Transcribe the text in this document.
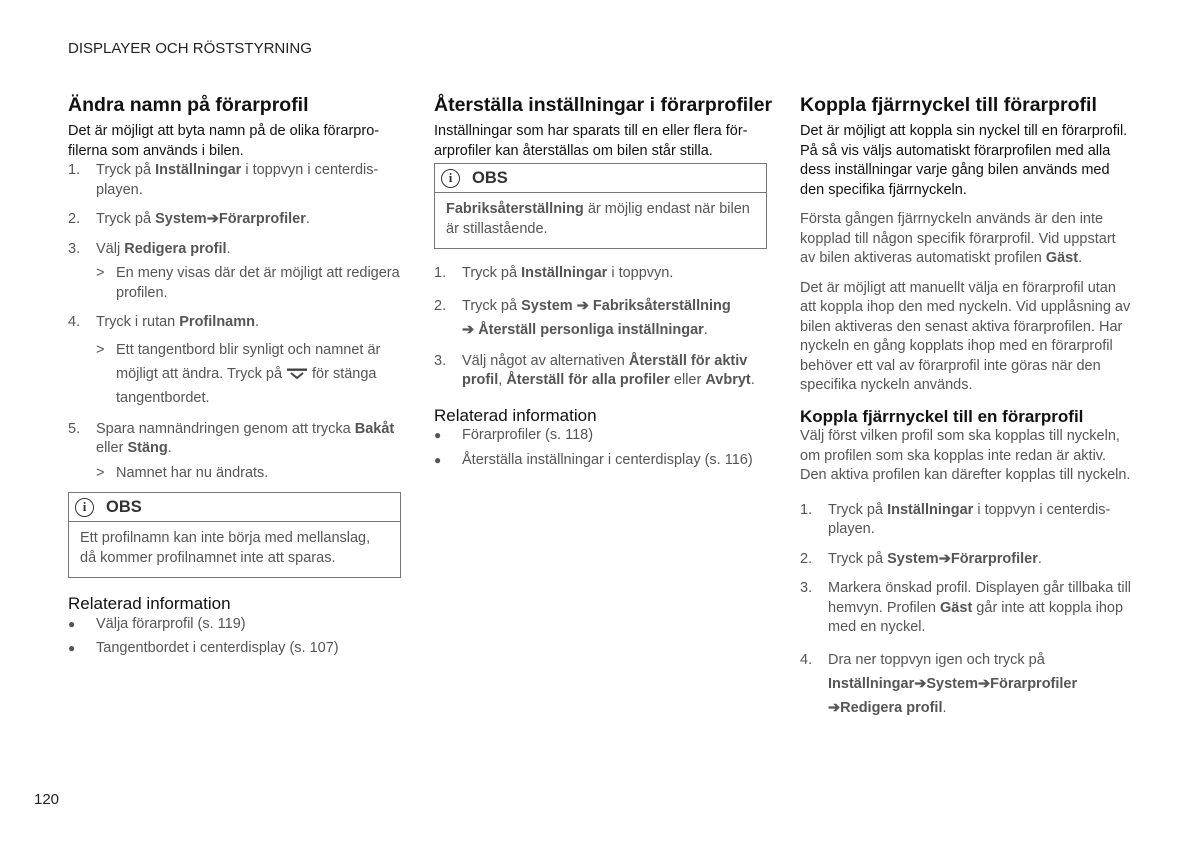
DISPLAYER OCH RÖSTSTYRNING
Ändra namn på förarprofil

Det är möjligt att byta namn på de olika förarprofilerna som används i bilen.

1.	Tryck på Inställningar i toppvyn i centerdisplayen.
2.	Tryck på System➔Förarprofiler.
3.	Välj Redigera profil.
> En meny visas där det är möjligt att redigera profilen.
4.	Tryck i rutan Profilnamn.
> Ett tangentbord blir synligt och namnet är möjligt att ändra. Tryck på för stänga tangentbordet.
5.	Spara namnändringen genom att trycka Bakåt eller Stäng.
> Namnet har nu ändrats.
i	OBS
Ett profilnamn kan inte börja med mellanslag, då kommer profilnamnet inte att sparas.
Relaterad information
●	Välja förarprofil (s. 119)
●	Tangentbordet i centerdisplay (s. 107)
Återställa inställningar i förarprofiler

Inställningar som har sparats till en eller flera förarprofiler kan återställas om bilen står stilla.

i	OBS
Fabriksåterställning är möjlig endast när bilen är stillastående.
1.	Tryck på Inställningar i toppvyn.
2.	Tryck på System ➔ Fabriksåterställning
➔ Återställ personliga inställningar.
3.	Välj något av alternativen Återställ för aktiv profil, Återställ för alla profiler eller Avbryt.
Relaterad information
●	Förarprofiler (s. 118)
●	Återställa inställningar i centerdisplay (s. 116)
Koppla fjärrnyckel till förarprofil

Det är möjligt att koppla sin nyckel till en förarprofil. På så vis väljs automatiskt förarprofilen med alla dess inställningar varje gång bilen används med den specifika fjärrnyckeln.

Första gången fjärrnyckeln används är den inte kopplad till någon specifik förarprofil. Vid uppstart av bilen aktiveras automatiskt profilen Gäst.

Det är möjligt att manuellt välja en förarprofil utan att koppla ihop den med nyckeln. Vid upplåsning av bilen aktiveras den senast aktiva förarprofilen. Har nyckeln en gång kopplats ihop med en förarprofil behöver ett val av förarprofil inte göras när den specifika nyckeln används.

Koppla fjärrnyckel till en förarprofil

Välj först vilken profil som ska kopplas till nyckeln, om profilen som ska kopplas inte redan är aktiv. Den aktiva profilen kan därefter kopplas till nyckeln.

1.	Tryck på Inställningar i toppvyn i centerdisplayen.
2.	Tryck på System➔Förarprofiler.
3.	Markera önskad profil. Displayen går tillbaka till hemvyn. Profilen Gäst går inte att koppla ihop med en nyckel.
4.	Dra ner toppvyn igen och tryck på
Inställningar➔System➔Förarprofiler
➔Redigera profil.
120
